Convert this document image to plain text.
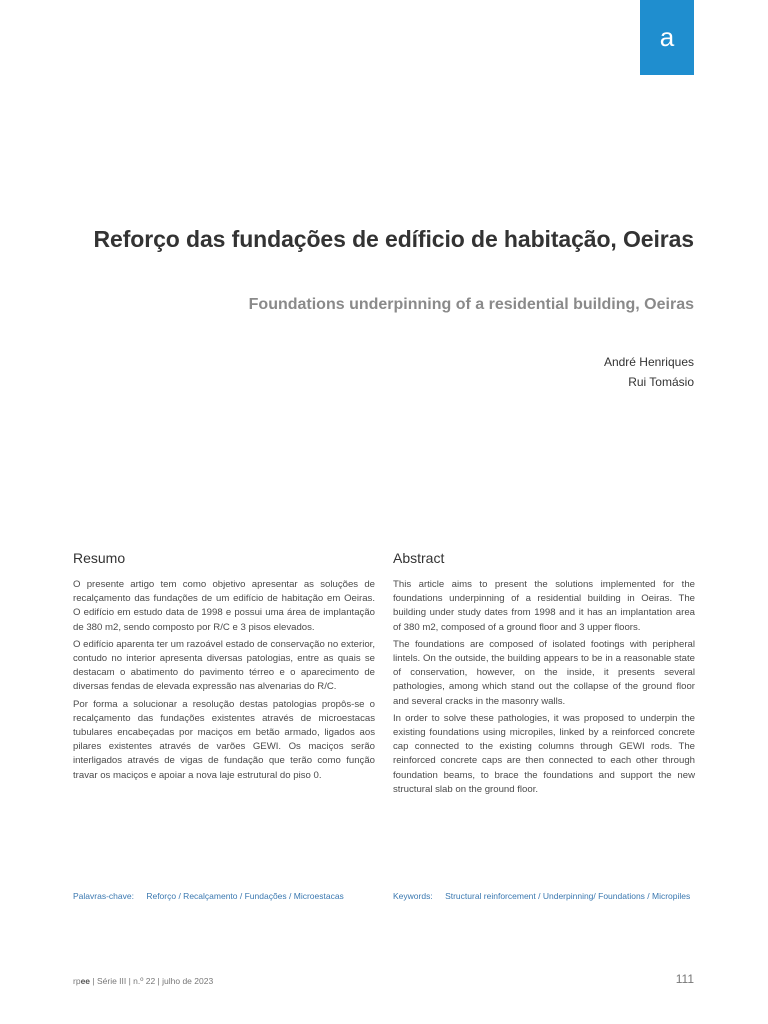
a
Reforço das fundações de edíficio de habitação, Oeiras
Foundations underpinning of a residential building, Oeiras
André Henriques
Rui Tomásio
Resumo

O presente artigo tem como objetivo apresentar as soluções de recalçamento das fundações de um edifício de habitação em Oeiras. O edifício em estudo data de 1998 e possui uma área de implantação de 380 m2, sendo composto por R/C e 3 pisos elevados.

O edifício aparenta ter um razoável estado de conservação no exterior, contudo no interior apresenta diversas patologias, entre as quais se destacam o abatimento do pavimento térreo e o aparecimento de diversas fendas de elevada expressão nas alvenarias do R/C.

Por forma a solucionar a resolução destas patologias propôs-se o recalçamento das fundações existentes através de microestacas tubulares encabeçadas por maciços em betão armado, ligados aos pilares existentes através de varões GEWI. Os maciços serão interligados através de vigas de fundação que terão como função travar os maciços e apoiar a nova laje estrutural do piso 0.

Abstract

This article aims to present the solutions implemented for the foundations underpinning of a residential building in Oeiras. The building under study dates from 1998 and it has an implantation area of 380 m2, composed of a ground floor and 3 upper floors.

The foundations are composed of isolated footings with peripheral lintels. On the outside, the building appears to be in a reasonable state of conservation, however, on the inside, it presents several pathologies, among which stand out the collapse of the ground floor and several cracks in the masonry walls.

In order to solve these pathologies, it was proposed to underpin the existing foundations using micropiles, linked by a reinforced concrete cap connected to the existing columns through GEWI rods. The reinforced concrete caps are then connected to each other through foundation beams, to brace the foundations and support the new structural slab on the ground floor.

Palavras-chave: Reforço / Recalçamento / Fundações / Microestacas	Keywords: Structural reinforcement / Underpinning/ Foundations / Micropiles
rpee | Série III | n.º 22 | julho de 2023	111
